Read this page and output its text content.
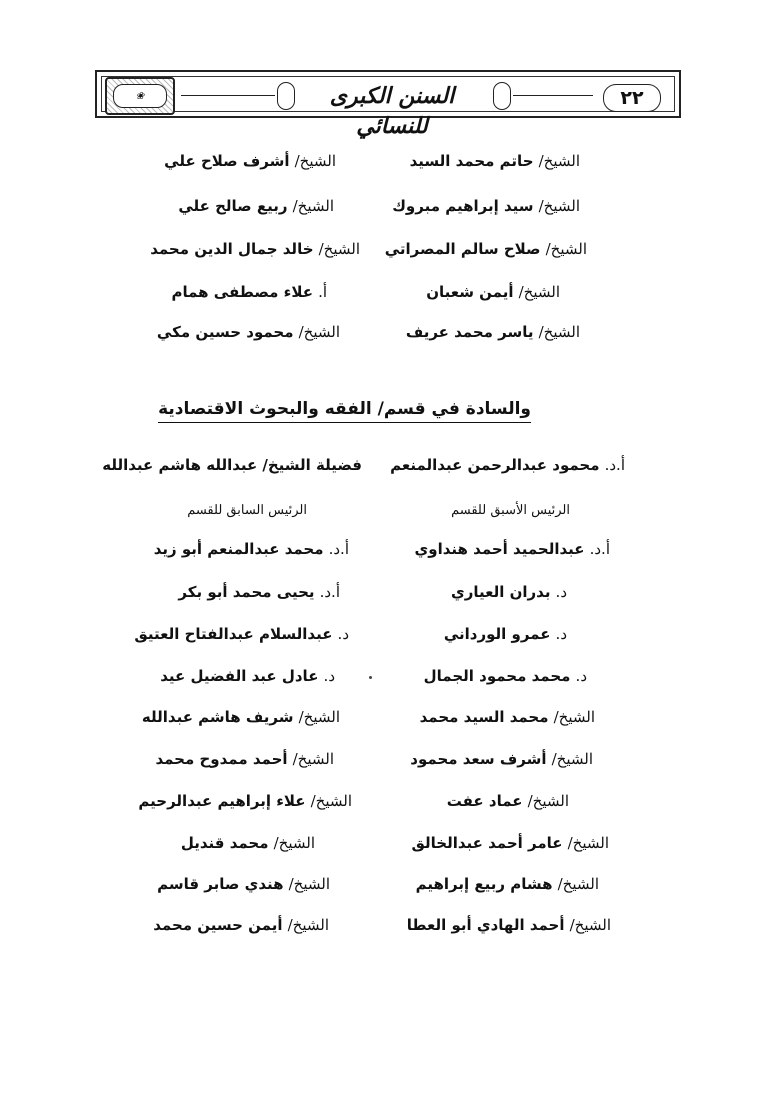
❀	السنن الكبرى للنسائي
٢٢
الشيخ/ حاتم محمد السيد
الشيخ/ سيد إبراهيم مبروك
الشيخ/ صلاح سالم المصراتي
الشيخ/ أيمن شعبان
الشيخ/ ياسر محمد عريف
الشيخ/ أشرف صلاح علي
الشيخ/ ربيع صالح علي
الشيخ/ خالد جمال الدين محمد
أ. علاء مصطفى همام
الشيخ/ محمود حسين مكي
والسادة في قسم/ الفقه والبحوث الاقتصادية
أ.د. محمود عبدالرحمن عبدالمنعم
فضيلة الشيخ/ عبدالله هاشم عبدالله
الرئيس الأسبق للقسم
الرئيس السابق للقسم
أ.د. عبدالحميد أحمد هنداوي
د. بدران العياري
د. عمرو الورداني
د. محمد محمود الجمال
الشيخ/ محمد السيد محمد
الشيخ/ أشرف سعد محمود
الشيخ/ عماد عفت
الشيخ/ عامر أحمد عبدالخالق
الشيخ/ هشام ربيع إبراهيم
الشيخ/ أحمد الهادي أبو العطا
أ.د. محمد عبدالمنعم أبو زيد
أ.د. يحيى محمد أبو بكر
د. عبدالسلام عبدالفتاح العتيق
د. عادل عبد الفضيل عيد
الشيخ/ شريف هاشم عبدالله
الشيخ/ أحمد ممدوح محمد
الشيخ/ علاء إبراهيم عبدالرحيم
الشيخ/ محمد قنديل
الشيخ/ هندي صابر قاسم
الشيخ/ أيمن حسين محمد
